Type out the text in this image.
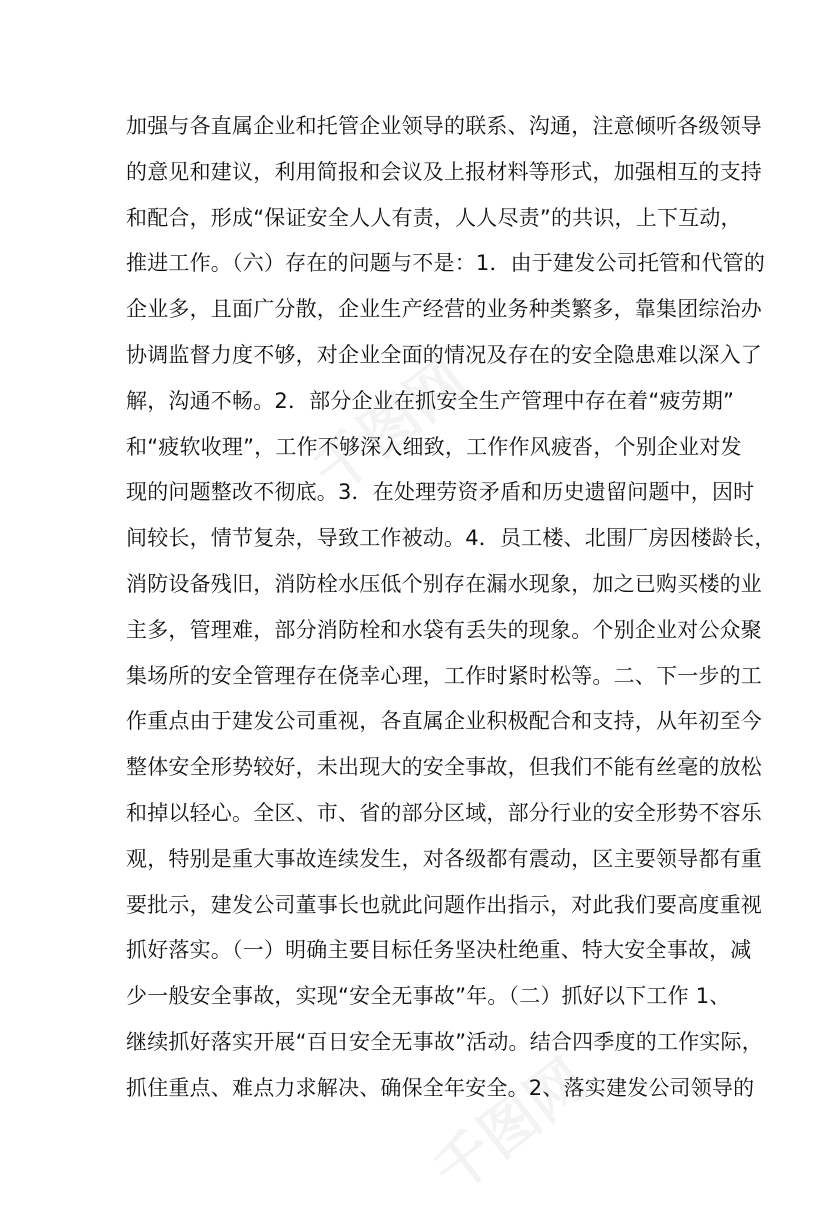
千图网
千图网
加强与各直属企业和托管企业领导的联系、沟通，注意倾听各级领导
的意见和建议，利用简报和会议及上报材料等形式，加强相互的支持
和配合，形成“保证安全人人有责，人人尽责”的共识，上下互动，
推进工作。（六）存在的问题与不是：1．由于建发公司托管和代管的
企业多，且面广分散，企业生产经营的业务种类繁多，靠集团综治办
协调监督力度不够，对企业全面的情况及存在的安全隐患难以深入了
解，沟通不畅。2．部分企业在抓安全生产管理中存在着“疲劳期”
和“疲软收理”，工作不够深入细致，工作作风疲沓，个别企业对发
现的问题整改不彻底。3．在处理劳资矛盾和历史遗留问题中，因时
间较长，情节复杂，导致工作被动。4．员工楼、北围厂房因楼龄长，
消防设备残旧，消防栓水压低个别存在漏水现象，加之已购买楼的业
主多，管理难，部分消防栓和水袋有丢失的现象。个别企业对公众聚
集场所的安全管理存在侥幸心理，工作时紧时松等。二、下一步的工
作重点由于建发公司重视，各直属企业积极配合和支持，从年初至今
整体安全形势较好，未出现大的安全事故，但我们不能有丝毫的放松
和掉以轻心。全区、市、省的部分区域，部分行业的安全形势不容乐
观，特别是重大事故连续发生，对各级都有震动，区主要领导都有重
要批示，建发公司董事长也就此问题作出指示，对此我们要高度重视
抓好落实。（一）明确主要目标任务坚决杜绝重、特大安全事故，减
少一般安全事故，实现“安全无事故”年。（二）抓好以下工作 1、
继续抓好落实开展“百日安全无事故”活动。结合四季度的工作实际，
抓住重点、难点力求解决、确保全年安全。2、落实建发公司领导的
